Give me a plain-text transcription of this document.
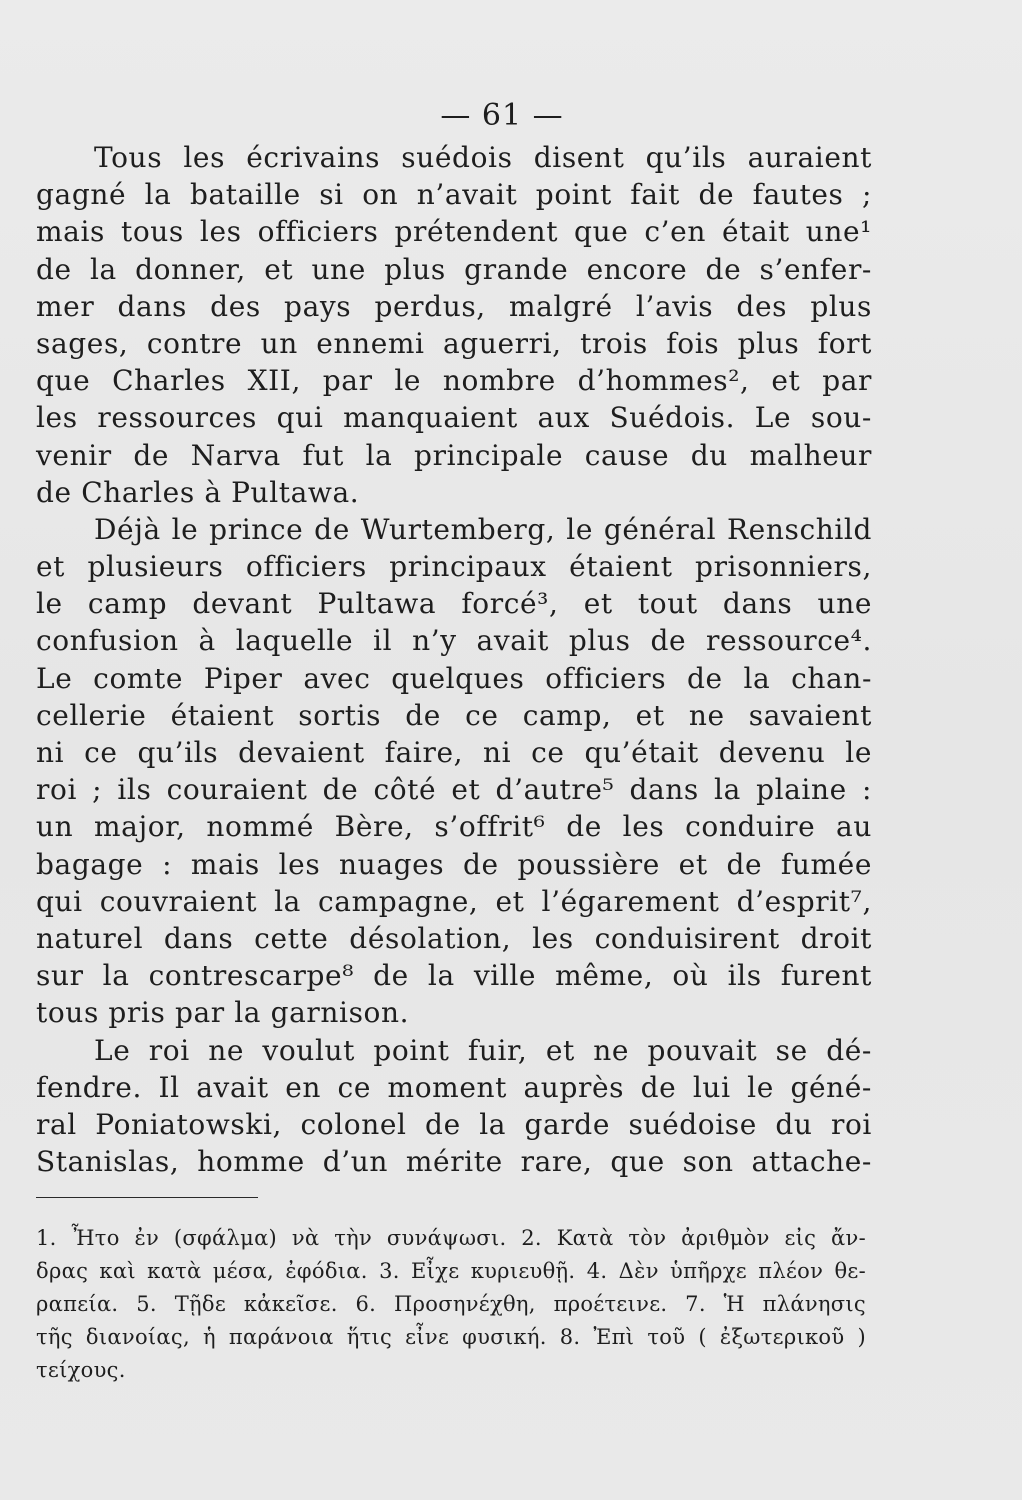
— 61 —
Tous les écrivains suédois disent qu’ils auraient
gagné la bataille si on n’avait point fait de fautes ;
mais tous les officiers prétendent que c’en était une¹
de la donner, et une plus grande encore de s’enfer-
mer dans des pays perdus, malgré l’avis des plus
sages, contre un ennemi aguerri, trois fois plus fort
que Charles XII, par le nombre d’hommes², et par
les ressources qui manquaient aux Suédois. Le sou-
venir de Narva fut la principale cause du malheur
de Charles à Pultawa.
Déjà le prince de Wurtemberg, le général Renschild
et plusieurs officiers principaux étaient prisonniers,
le camp devant Pultawa forcé³, et tout dans une
confusion à laquelle il n’y avait plus de ressource⁴.
Le comte Piper avec quelques officiers de la chan-
cellerie étaient sortis de ce camp, et ne savaient
ni ce qu’ils devaient faire, ni ce qu’était devenu le
roi ; ils couraient de côté et d’autre⁵ dans la plaine :
un major, nommé Bère, s’offrit⁶ de les conduire au
bagage : mais les nuages de poussière et de fumée
qui couvraient la campagne, et l’égarement d’esprit⁷,
naturel dans cette désolation, les conduisirent droit
sur la contrescarpe⁸ de la ville même, où ils furent
tous pris par la garnison.
Le roi ne voulut point fuir, et ne pouvait se dé-
fendre. Il avait en ce moment auprès de lui le géné-
ral Poniatowski, colonel de la garde suédoise du roi
Stanislas, homme d’un mérite rare, que son attache-
1. Ἦτο ἐν (σφάλμα) νὰ τὴν συνάψωσι. 2. Κατὰ τὸν ἀριθμὸν εἰς ἄν-
δρας καὶ κατὰ μέσα, ἐφόδια. 3. Εἶχε κυριευθῇ. 4. Δὲν ὑπῆρχε πλέον θε-
ραπεία. 5. Τῇδε κἀκεῖσε. 6. Προσηνέχθη, προέτεινε. 7. Ἡ πλάνησις
τῆς διανοίας, ἡ παράνοια ἥτις εἶνε φυσική. 8. Ἐπὶ τοῦ ( ἐξωτερικοῦ )
τείχους.
